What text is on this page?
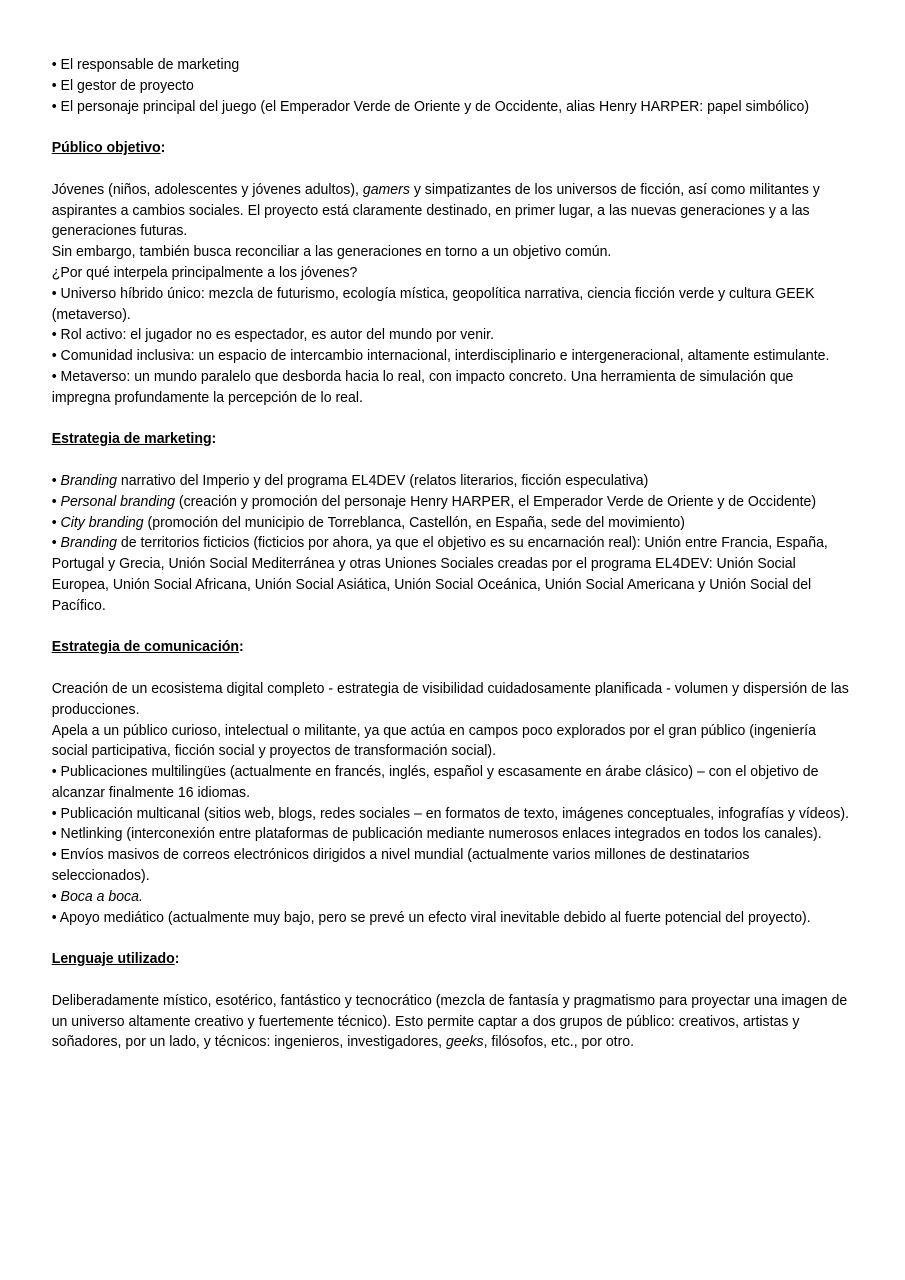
• El responsable de marketing
• El gestor de proyecto
• El personaje principal del juego (el Emperador Verde de Oriente y de Occidente, alias Henry HARPER: papel simbólico)
Público objetivo:
Jóvenes (niños, adolescentes y jóvenes adultos), gamers y simpatizantes de los universos de ficción, así como militantes y aspirantes a cambios sociales. El proyecto está claramente destinado, en primer lugar, a las nuevas generaciones y a las generaciones futuras.
Sin embargo, también busca reconciliar a las generaciones en torno a un objetivo común.
¿Por qué interpela principalmente a los jóvenes?
• Universo híbrido único: mezcla de futurismo, ecología mística, geopolítica narrativa, ciencia ficción verde y cultura GEEK (metaverso).
• Rol activo: el jugador no es espectador, es autor del mundo por venir.
• Comunidad inclusiva: un espacio de intercambio internacional, interdisciplinario e intergeneracional, altamente estimulante.
• Metaverso: un mundo paralelo que desborda hacia lo real, con impacto concreto. Una herramienta de simulación que impregna profundamente la percepción de lo real.
Estrategia de marketing:
• Branding narrativo del Imperio y del programa EL4DEV (relatos literarios, ficción especulativa)
• Personal branding (creación y promoción del personaje Henry HARPER, el Emperador Verde de Oriente y de Occidente)
• City branding (promoción del municipio de Torreblanca, Castellón, en España, sede del movimiento)
• Branding de territorios ficticios (ficticios por ahora, ya que el objetivo es su encarnación real): Unión entre Francia, España, Portugal y Grecia, Unión Social Mediterránea y otras Uniones Sociales creadas por el programa EL4DEV: Unión Social Europea, Unión Social Africana, Unión Social Asiática, Unión Social Oceánica, Unión Social Americana y Unión Social del Pacífico.
Estrategia de comunicación:
Creación de un ecosistema digital completo - estrategia de visibilidad cuidadosamente planificada - volumen y dispersión de las producciones.
Apela a un público curioso, intelectual o militante, ya que actúa en campos poco explorados por el gran público (ingeniería social participativa, ficción social y proyectos de transformación social).
• Publicaciones multilingües (actualmente en francés, inglés, español y escasamente en árabe clásico) – con el objetivo de alcanzar finalmente 16 idiomas.
• Publicación multicanal (sitios web, blogs, redes sociales – en formatos de texto, imágenes conceptuales, infografías y vídeos).
• Netlinking (interconexión entre plataformas de publicación mediante numerosos enlaces integrados en todos los canales).
• Envíos masivos de correos electrónicos dirigidos a nivel mundial (actualmente varios millones de destinatarios seleccionados).
• Boca a boca.
• Apoyo mediático (actualmente muy bajo, pero se prevé un efecto viral inevitable debido al fuerte potencial del proyecto).
Lenguaje utilizado:
Deliberadamente místico, esotérico, fantástico y tecnocrático (mezcla de fantasía y pragmatismo para proyectar una imagen de un universo altamente creativo y fuertemente técnico). Esto permite captar a dos grupos de público: creativos, artistas y soñadores, por un lado, y técnicos: ingenieros, investigadores, geeks, filósofos, etc., por otro.
